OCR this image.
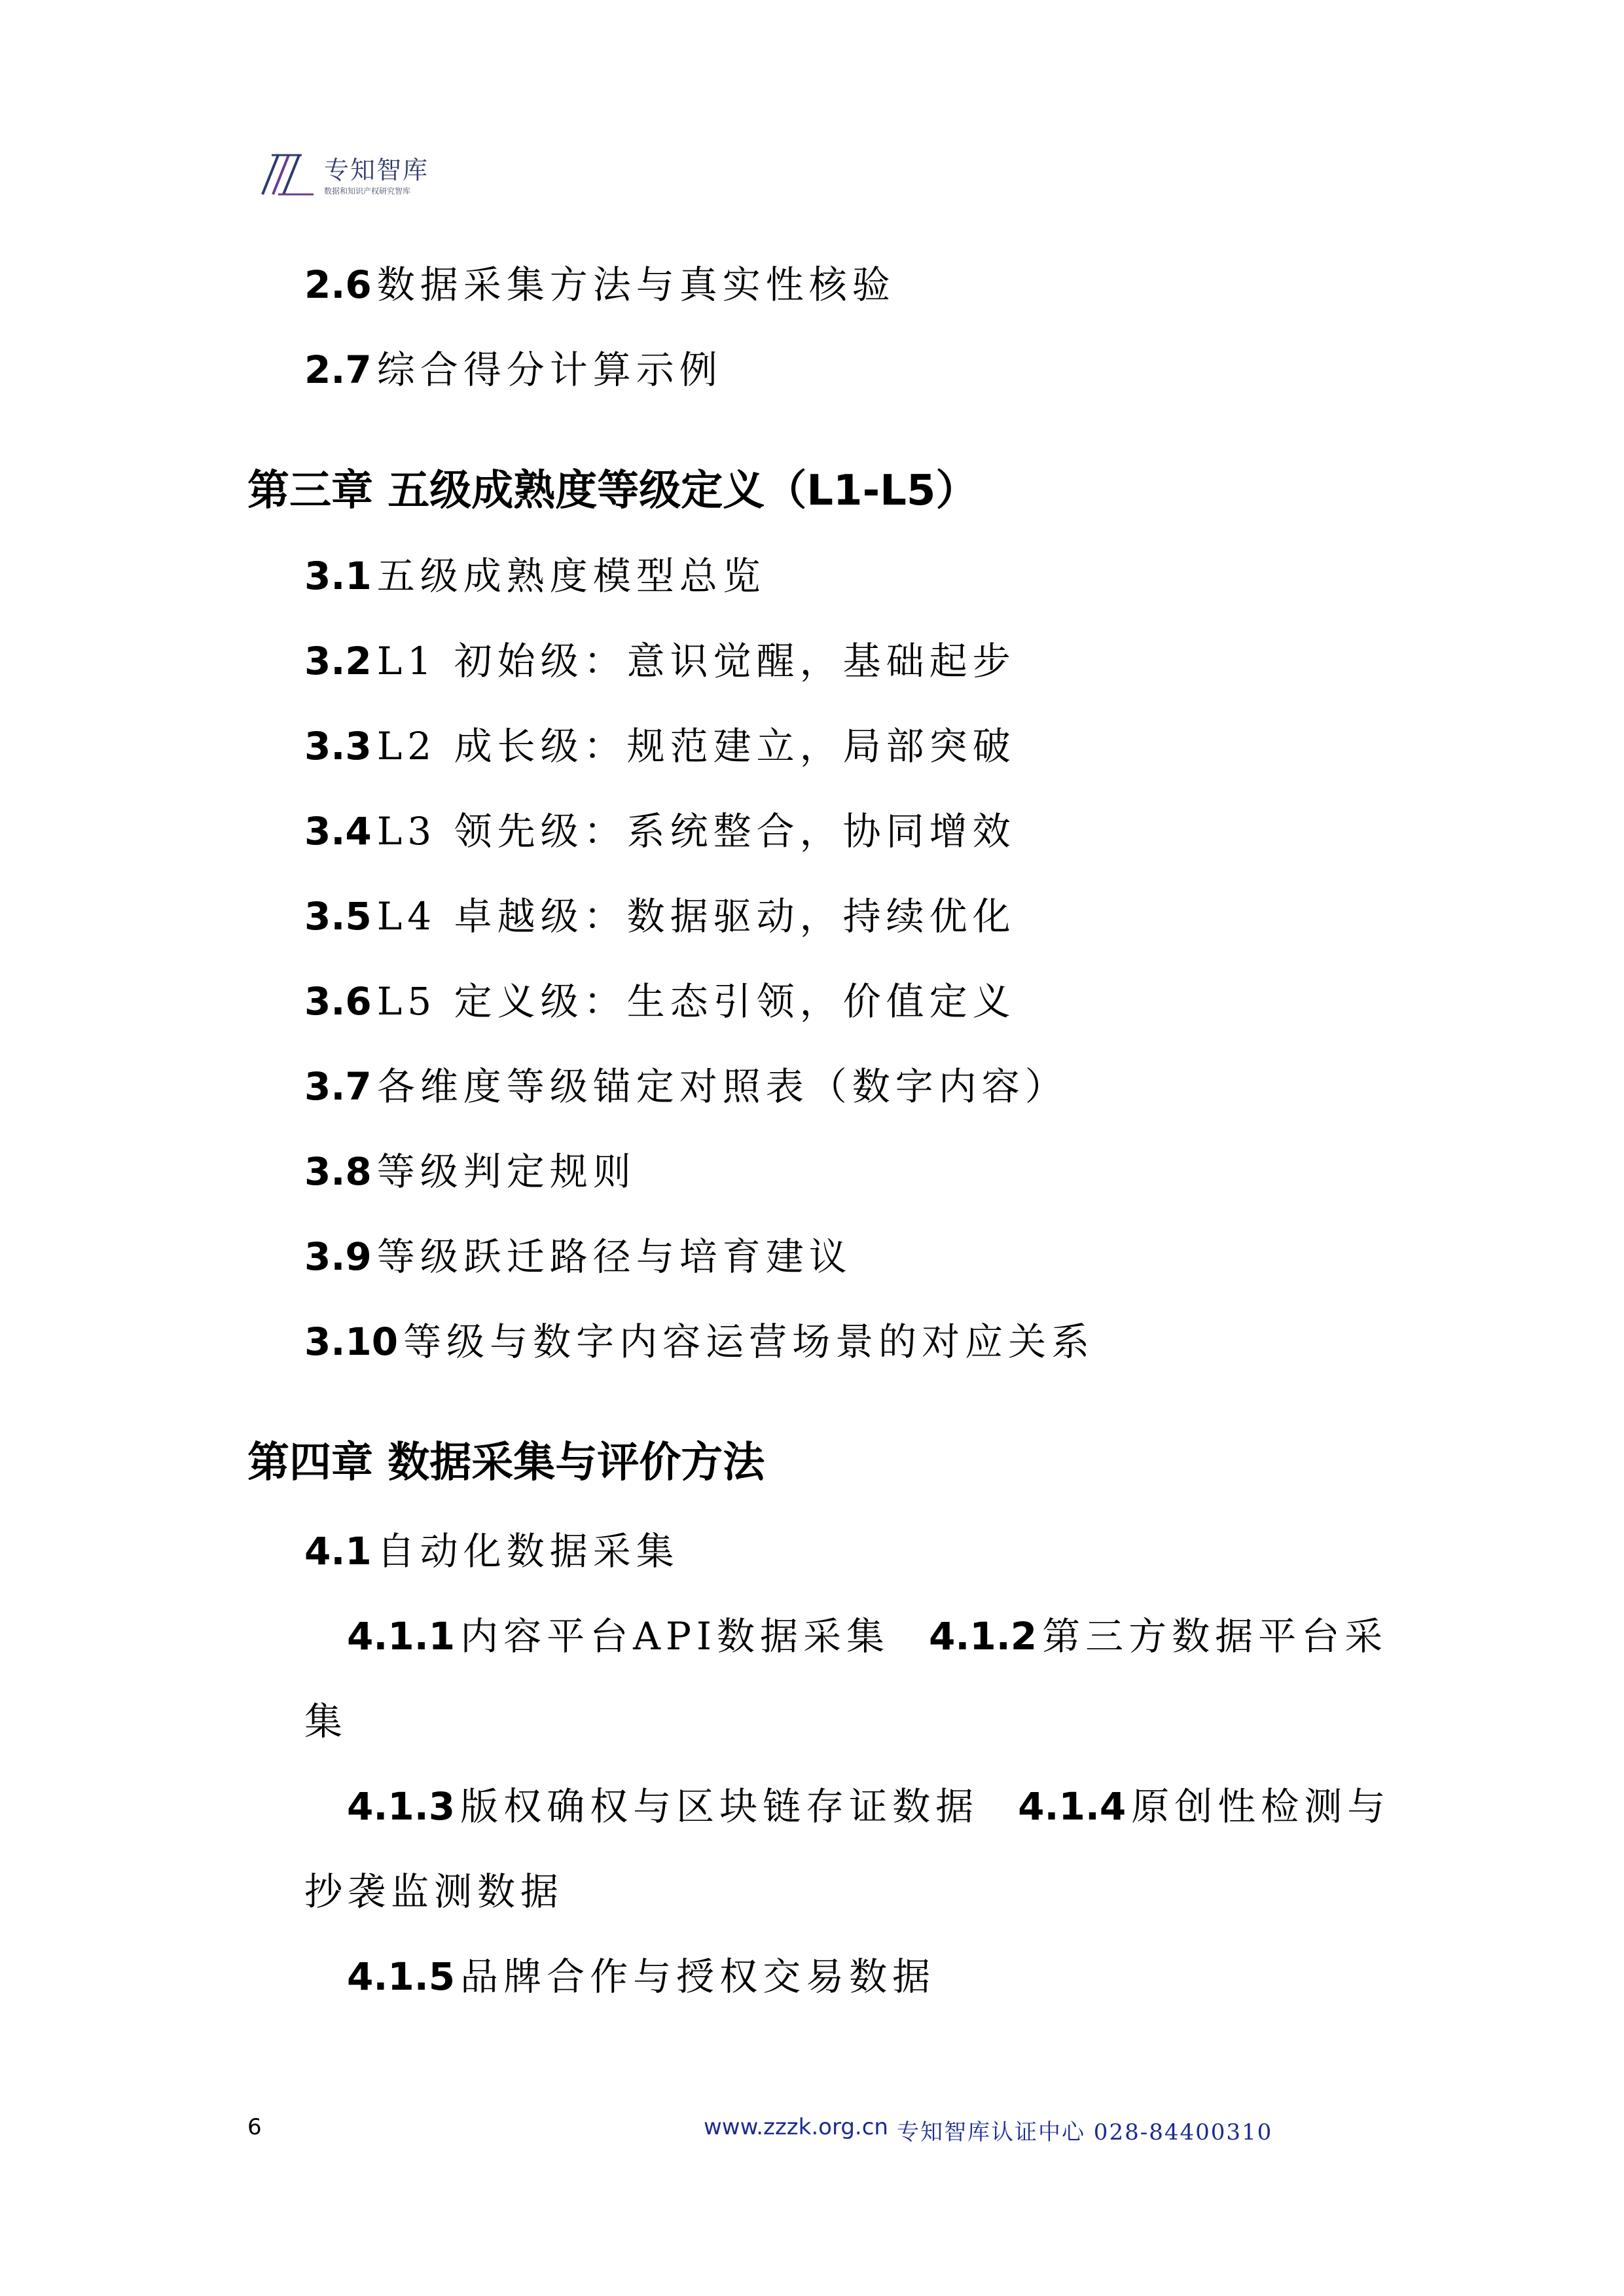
专知智库
数据和知识产权研究智库
2.6 数据采集方法与真实性核验
2.7 综合得分计算示例
第三章 五级成熟度等级定义（L1-L5）
3.1 五级成熟度模型总览
3.2 L1 初始级：意识觉醒，基础起步
3.3 L2 成长级：规范建立，局部突破
3.4 L3 领先级：系统整合，协同增效
3.5 L4 卓越级：数据驱动，持续优化
3.6 L5 定义级：生态引领，价值定义
3.7 各维度等级锚定对照表（数字内容）
3.8 等级判定规则
3.9 等级跃迁路径与培育建议
3.10 等级与数字内容运营场景的对应关系
第四章 数据采集与评价方法
4.1 自动化数据采集
4.1.1 内容平台API数据采集 4.1.2 第三方数据平台采
集
4.1.3 版权确权与区块链存证数据 4.1.4 原创性检测与
抄袭监测数据
4.1.5 品牌合作与授权交易数据
6	www.zzzk.org.cn 专知智库认证中心 028-84400310
